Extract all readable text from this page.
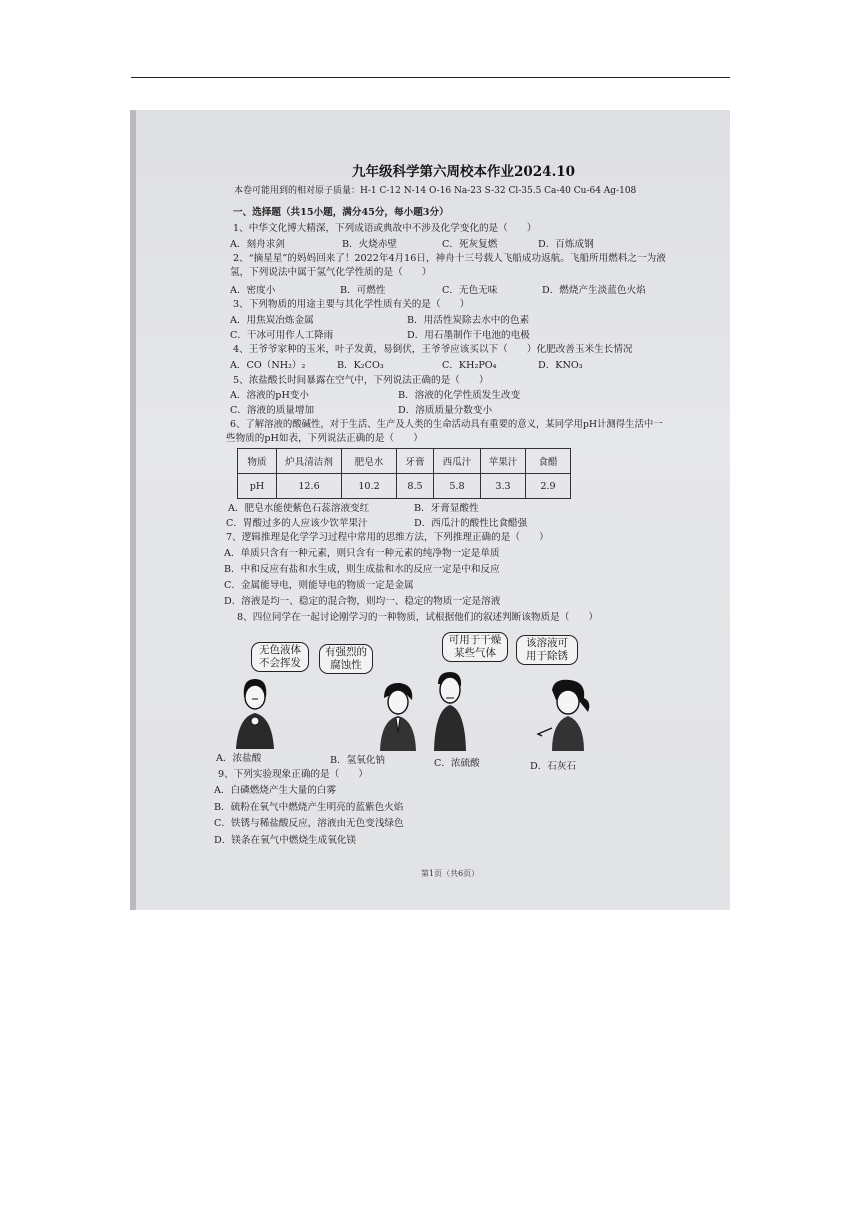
九年级科学第六周校本作业2024.10
本卷可能用到的相对原子质量：H-1 C-12 N-14 O-16 Na-23 S-32 Cl-35.5 Ca-40 Cu-64 Ag-108
一、选择题（共15小题，满分45分，每小题3分）
1、中华文化博大精深，下列成语或典故中不涉及化学变化的是（　　）
A．刻舟求剑	B．火烧赤壁	C．死灰复燃	D．百炼成钢
2、“摘星星”的妈妈回来了！2022年4月16日，神舟十三号载人飞船成功返航。飞船所用燃料之一为液
氢，下列说法中属于氢气化学性质的是（　　）
A．密度小	B．可燃性	C．无色无味	D．燃烧产生淡蓝色火焰
3、下列物质的用途主要与其化学性质有关的是（　　）
A．用焦炭冶炼金属	B．用活性炭除去水中的色素
C．干冰可用作人工降雨	D．用石墨制作干电池的电极
4、王爷爷家种的玉米，叶子发黄，易倒伏，王爷爷应该买以下（　　）化肥改善玉米生长情况
A．CO（NH₂）₂	B．K₂CO₃	C．KH₂PO₄	D．KNO₃
5、浓盐酸长时间暴露在空气中，下列说法正确的是（　　）
A．溶液的pH变小	B．溶液的化学性质发生改变
C．溶液的质量增加	D．溶质质量分数变小
6、了解溶液的酸碱性，对于生活、生产及人类的生命活动具有重要的意义，某同学用pH计测得生活中一
些物质的pH如表，下列说法正确的是（　　）
物质	炉具清洁剂	肥皂水	牙膏	西瓜汁	苹果汁	食醋
pH	12.6	10.2	8.5	5.8	3.3	2.9
A．肥皂水能使紫色石蕊溶液变红	B．牙膏显酸性
C．胃酸过多的人应该少饮苹果汁	D．西瓜汁的酸性比食醋强
7、逻辑推理是化学学习过程中常用的思维方法，下列推理正确的是（　　）
A．单质只含有一种元素，则只含有一种元素的纯净物一定是单质
B．中和反应有盐和水生成，则生成盐和水的反应一定是中和反应
C．金属能导电，则能导电的物质一定是金属
D．溶液是均一、稳定的混合物，则均一、稳定的物质一定是溶液
8、四位同学在一起讨论刚学习的一种物质，试根据他们的叙述判断该物质是（　　）
无色液体
不会挥发
有强烈的
腐蚀性
可用于干燥
某些气体
该溶液可
用于除锈
A．浓盐酸	B．氢氧化钠	C．浓硫酸	D．石灰石
9、下列实验现象正确的是（　　）
A．白磷燃烧产生大量的白雾
B．硫粉在氧气中燃烧产生明亮的蓝紫色火焰
C．铁锈与稀盐酸反应，溶液由无色变浅绿色
D．镁条在氧气中燃烧生成氧化镁
第1页（共6页）
